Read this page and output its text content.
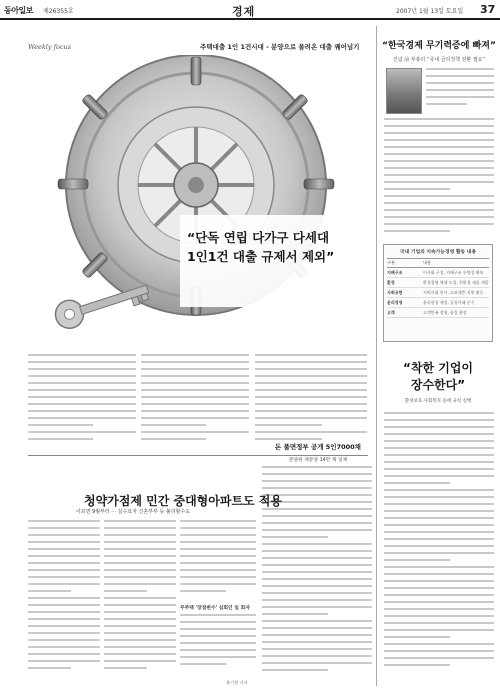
동아일보 제26355호	경제	2007년 1월 13일 토요일 37
Weekly focus	주택대출 1인 1건시대 - 분양으로 몰려온 대출 꿰어넘기
“단독 연립 다가구 다세대
1인1건 대출 규제서 제외”
“한국경제 무기력증에 빠져”
진념 前 부총리 “국내 금리정책 전환 필요”
국내 기업의 지속가능경영 활동 내용
구분	내용
지배구조	이사회 구성, 지배구조 투명성 확보
환경	환경경영 체제 도입, 친환경 제품 개발
사회공헌	지역사회 봉사, 소외계층 지원 활동
윤리경영	윤리헌장 제정, 공정거래 준수
고객	고객만족 경영, 품질 향상
“착한 기업이
장수한다”
환경보호·사회복지 등에 규칙 실행
돈 풀면정부 공개 5인7000채
분양원 재분양 14만 채 일제
청약가점제 민간 중대형아파트도 적용
이르면 9월부터 ··· 실수요자 신혼부부 등 불리할수도
무주택 '장점변수' 심회인 일 회자
홍기현 기자
